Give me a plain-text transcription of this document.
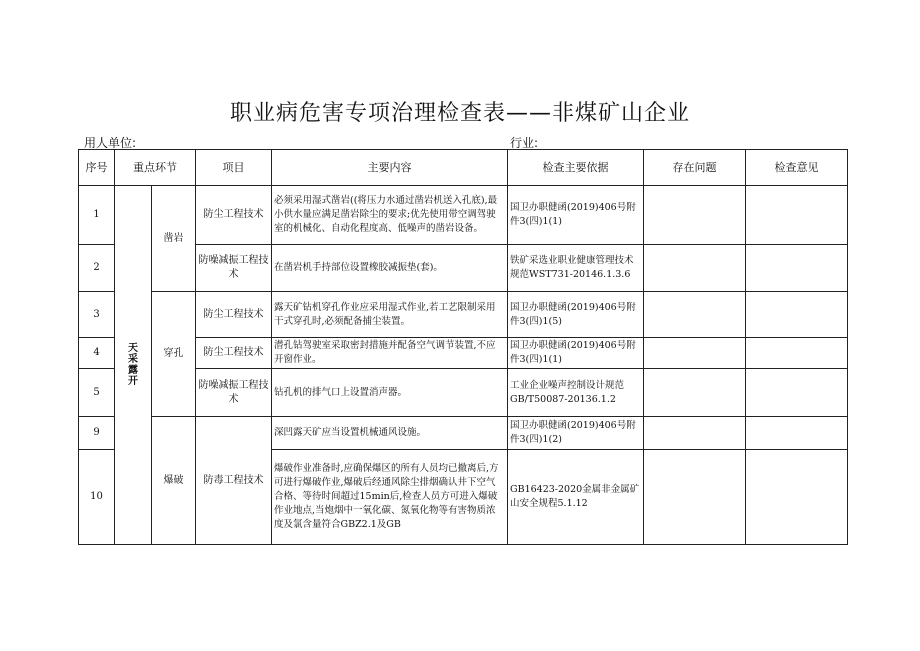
职业病危害专项治理检查表——非煤矿山企业
用人单位:	行业:
序号	重点环节		项目	主要内容	检查主要依据	存在问题	检查意见
1	天采露开	凿岩	防尘工程技术	必须采用湿式凿岩((将压力水通过凿岩机送入孔底),最小供水量应满足凿岩除尘的要求;优先使用带空调驾驶室的机械化、自动化程度高、低噪声的凿岩设备。	国卫办职健函(2019)406号附件3(四)1(1)		
2			防噪减振工程技术	在凿岩机手持部位设置橡胶减振垫(套)。	铁矿采选业职业健康管理技术规范WST731-20146.1.3.6		
3		穿孔	防尘工程技术	露天矿钻机穿孔作业应采用湿式作业,若工艺限制采用干式穿孔时,必须配备捕尘装置。	国卫办职健函(2019)406号附件3(四)1(5)		
4			防尘工程技术	潜孔钻驾驶室采取密封措施并配备空气调节装置,不应开窗作业。	国卫办职健函(2019)406号附件3(四)1(1)		
5			防噪减振工程技术	钻孔机的排气口上设置消声器。	工业企业噪声控制设计规范GB/T50087-20136.1.2		
9		爆破	防毒工程技术	深凹露天矿应当设置机械通风设施。	国卫办职健函(2019)406号附件3(四)1(2)		
10				爆破作业准备时,应确保爆区的所有人员均已撤离后,方可进行爆破作业,爆破后经通风除尘排烟确认井下空气合格、等待时间超过15min后,检查人员方可进入爆破作业地点,当炮烟中一氧化碳、氮氧化物等有害物质浓度及氯含量符合GBZ2.1及GB	GB16423-2020金属非金属矿山安全规程5.1.12		
